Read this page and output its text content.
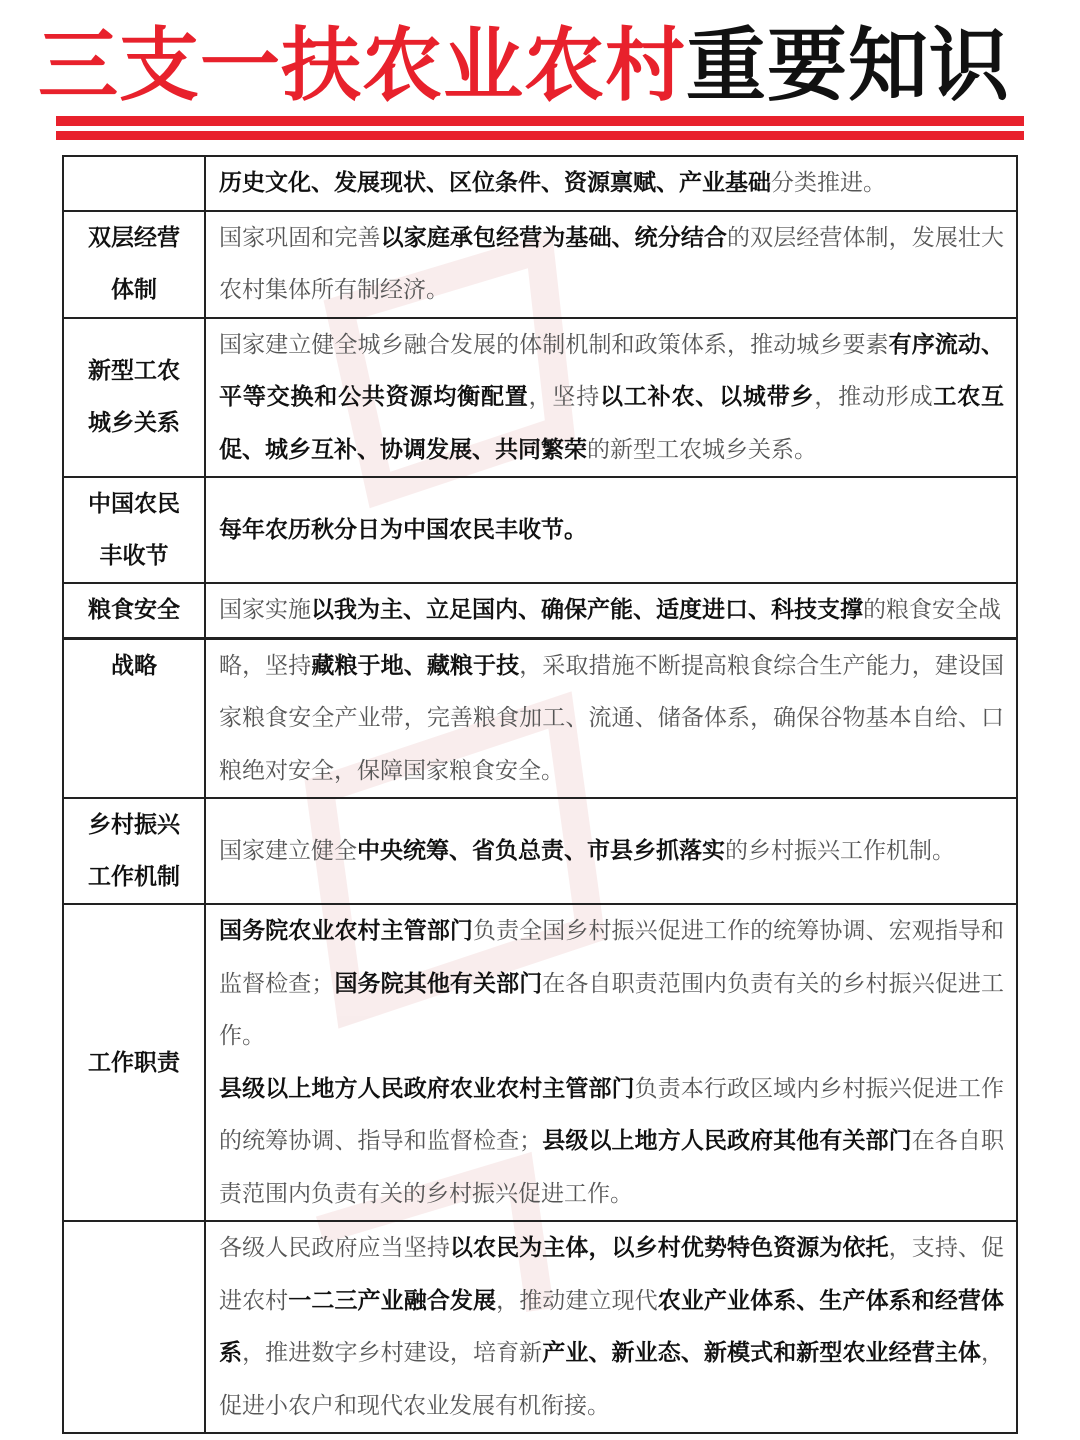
三支一扶农业农村重要知识
	历史文化、发展现状、区位条件、资源禀赋、产业基础分类推进。

双层经营
体制	国家巩固和完善以家庭承包经营为基础、统分结合的双层经营体制，发展壮大农村集体所有制经济。

新型工农
城乡关系	国家建立健全城乡融合发展的体制机制和政策体系，推动城乡要素有序流动、平等交换和公共资源均衡配置，坚持以工补农、以城带乡，推动形成工农互促、城乡互补、协调发展、共同繁荣的新型工农城乡关系。

中国农民
丰收节	每年农历秋分日为中国农民丰收节。

粮食安全	国家实施以我为主、立足国内、确保产能、适度进口、科技支撑的粮食安全战

战略	略，坚持藏粮于地、藏粮于技，采取措施不断提高粮食综合生产能力，建设国家粮食安全产业带，完善粮食加工、流通、储备体系，确保谷物基本自给、口粮绝对安全，保障国家粮食安全。

乡村振兴
工作机制	国家建立健全中央统筹、省负总责、市县乡抓落实的乡村振兴工作机制。

工作职责	国务院农业农村主管部门负责全国乡村振兴促进工作的统筹协调、宏观指导和监督检查；国务院其他有关部门在各自职责范围内负责有关的乡村振兴促进工作。
县级以上地方人民政府农业农村主管部门负责本行政区域内乡村振兴促进工作的统筹协调、指导和监督检查；县级以上地方人民政府其他有关部门在各自职责范围内负责有关的乡村振兴促进工作。

	各级人民政府应当坚持以农民为主体，以乡村优势特色资源为依托，支持、促进农村一二三产业融合发展，推动建立现代农业产业体系、生产体系和经营体系，推进数字乡村建设，培育新产业、新业态、新模式和新型农业经营主体，促进小农户和现代农业发展有机衔接。
